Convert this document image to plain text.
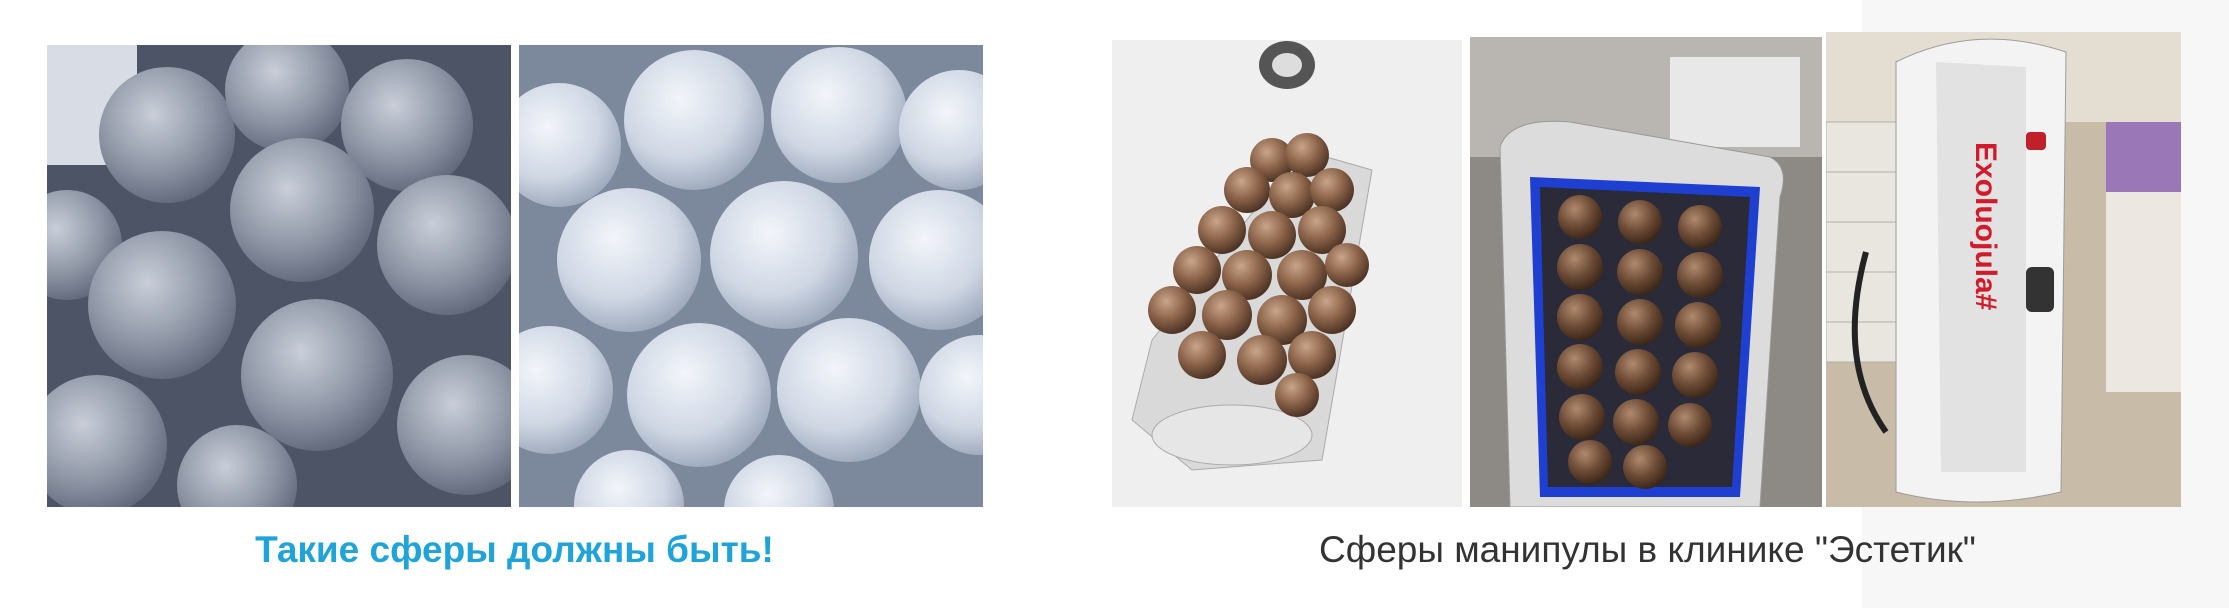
Exoluojula#
Такие сферы должны быть!	Сферы манипулы в клинике "Эстетик"
